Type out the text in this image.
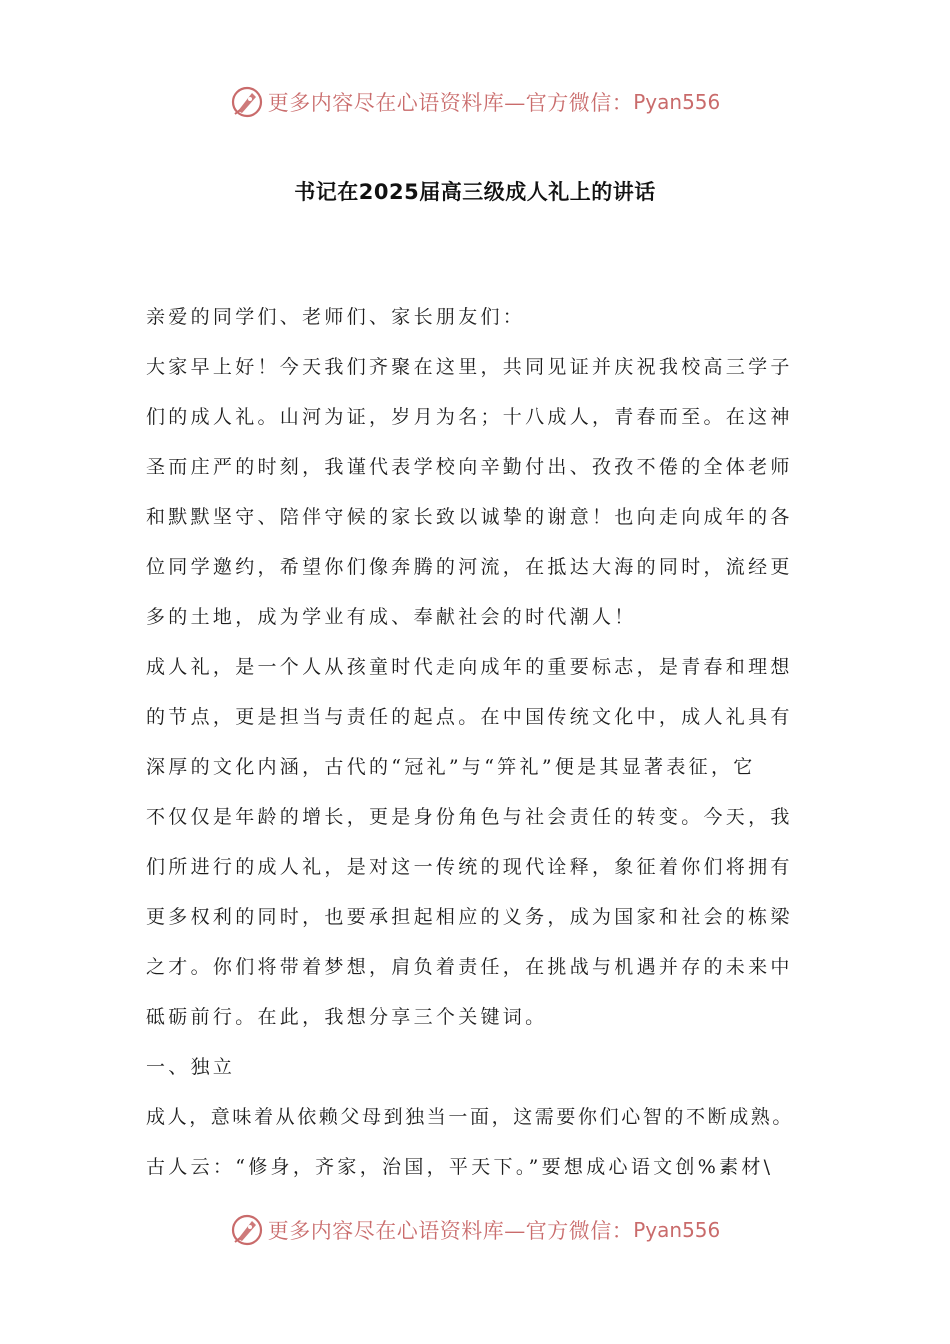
更多内容尽在心语资料库—官方微信： Pyan556
书记在2025届高三级成人礼上的讲话
亲爱的同学们、老师们、家长朋友们：
大家早上好！今天我们齐聚在这里，共同见证并庆祝我校高三学子
们的成人礼。山河为证，岁月为名；十八成人，青春而至。在这神
圣而庄严的时刻，我谨代表学校向辛勤付出、孜孜不倦的全体老师
和默默坚守、陪伴守候的家长致以诚挚的谢意！也向走向成年的各
位同学邀约，希望你们像奔腾的河流，在抵达大海的同时，流经更
多的土地，成为学业有成、奉献社会的时代潮人！
成人礼，是一个人从孩童时代走向成年的重要标志，是青春和理想
的节点，更是担当与责任的起点。在中国传统文化中，成人礼具有
深厚的文化内涵，古代的“冠礼”与“笄礼”便是其显著表征，它
不仅仅是年龄的增长，更是身份角色与社会责任的转变。今天，我
们所进行的成人礼，是对这一传统的现代诠释，象征着你们将拥有
更多权利的同时，也要承担起相应的义务，成为国家和社会的栋梁
之才。你们将带着梦想，肩负着责任，在挑战与机遇并存的未来中
砥砺前行。在此，我想分享三个关键词。
一、独立
成人，意味着从依赖父母到独当一面，这需要你们心智的不断成熟。
古人云：“修身，齐家，治国，平天下。”要想成心语文创%素材\
更多内容尽在心语资料库—官方微信： Pyan556
